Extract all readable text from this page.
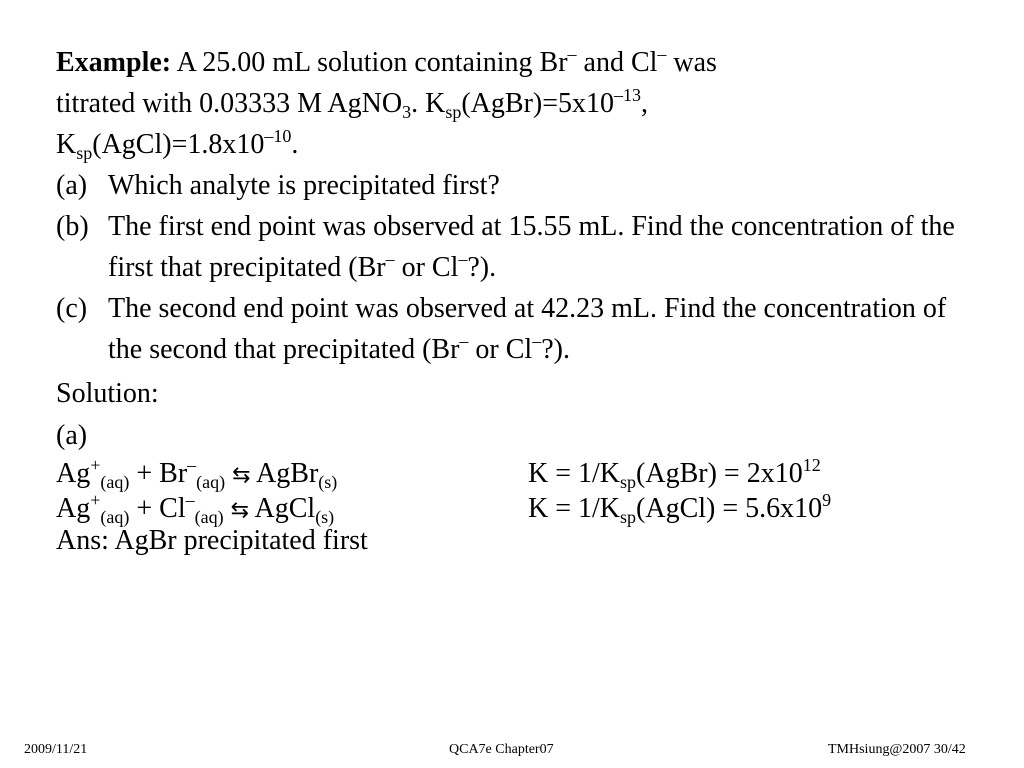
Example: A 25.00 mL solution containing Br– and Cl– was
titrated with 0.03333 M AgNO$_3$. $K_{sp}(AgBr)=5x10^{-13}$,
$K_{sp}(AgCl)=1.8x10^{-10}$.

(a) Which analyte is precipitated first?
(b) The first end point was observed at 15.55 mL. Find the concentration of the first that precipitated (Br– or Cl–?).
(c) The second end point was observed at 42.23 mL. Find the concentration of the second that precipitated (Br– or Cl–?).

Solution:

(a)

$Ag^+_{(aq)} + Br^-_{(aq)}$ ⇆ AgBr$_{(s)}$	$K = 1/K_{sp}(AgBr) = 2x10^{12}$
$Ag^+_{(aq)} + Cl^-_{(aq)}$ ⇆ AgCl$_{(s)}$	$K = 1/K_{sp}(AgCl) = 5.6x10^9$

Ans: AgBr precipitated first

2009/11/21	QCA7e Chapter07	TMHsiung@2007 30/42
